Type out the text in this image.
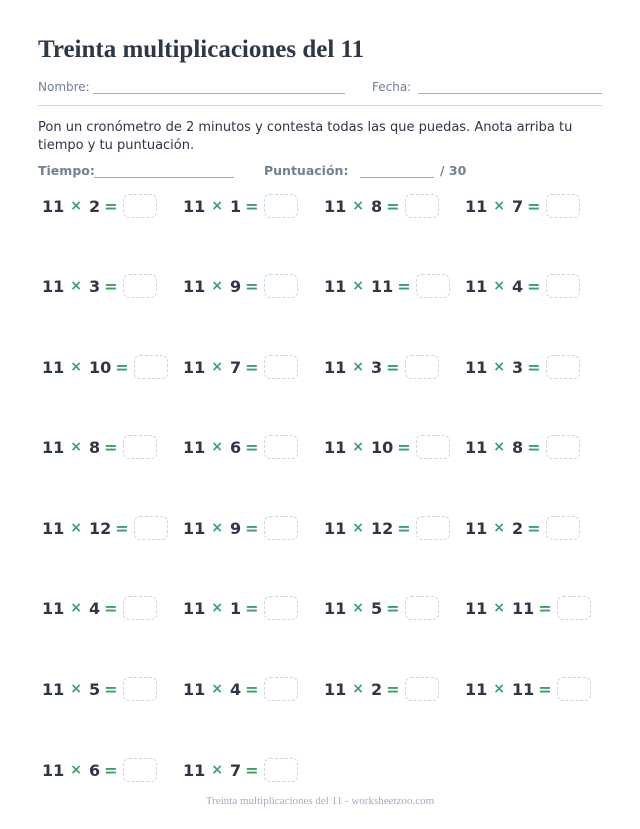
Treinta multiplicaciones del 11
Nombre:	Fecha:
Pon un cronómetro de 2 minutos y contesta todas las que puedas. Anota arriba tu tiempo y tu puntuación.
Tiempo:	Puntuación:	/ 30
11 × 2 =	11 × 1 =	11 × 8 =	11 × 7 =
11 × 3 =	11 × 9 =	11 × 11 =	11 × 4 =
11 × 10 =	11 × 7 =	11 × 3 =	11 × 3 =
11 × 8 =	11 × 6 =	11 × 10 =	11 × 8 =
11 × 12 =	11 × 9 =	11 × 12 =	11 × 2 =
11 × 4 =	11 × 1 =	11 × 5 =	11 × 11 =
11 × 5 =	11 × 4 =	11 × 2 =	11 × 11 =
11 × 6 =	11 × 7 =
Treinta multiplicaciones del 11 - worksheetzoo.com
